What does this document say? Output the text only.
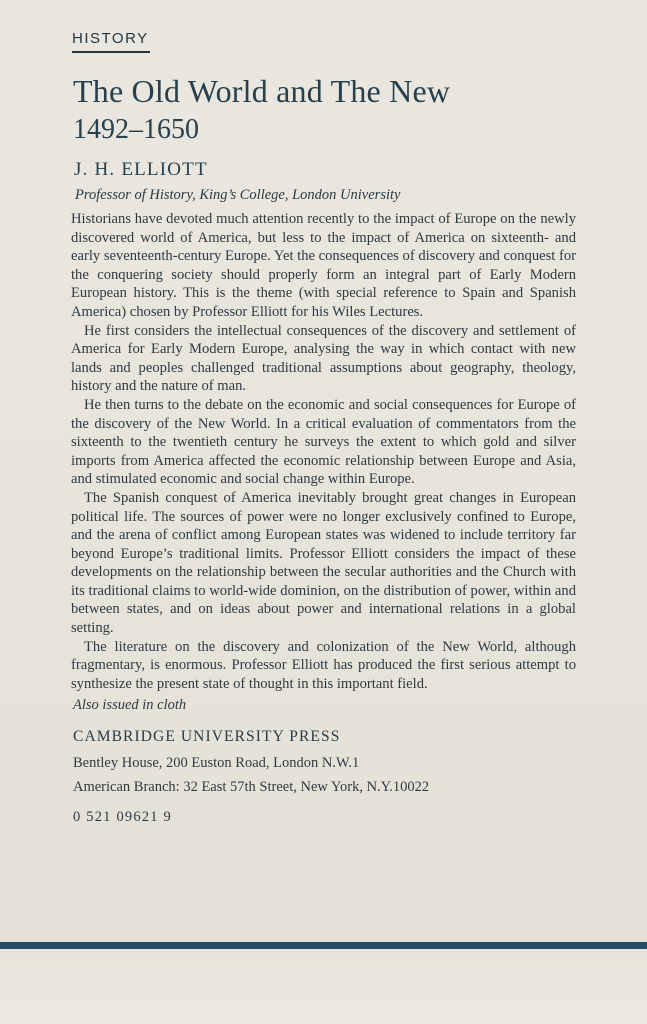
HISTORY
The Old World and The New
1492–1650
J. H. ELLIOTT
Professor of History, King’s College, London University

Historians have devoted much attention recently to the impact of Europe on the newly discovered world of America, but less to the impact of America on sixteenth- and early seventeenth-century Europe. Yet the consequences of discovery and conquest for the conquering society should properly form an integral part of Early Modern European history. This is the theme (with special reference to Spain and Spanish America) chosen by Professor Elliott for his Wiles Lectures.

He first considers the intellectual consequences of the discovery and settlement of America for Early Modern Europe, analysing the way in which contact with new lands and peoples challenged traditional assumptions about geography, theology, history and the nature of man.

He then turns to the debate on the economic and social consequences for Europe of the discovery of the New World. In a critical evaluation of commentators from the sixteenth to the twentieth century he surveys the extent to which gold and silver imports from America affected the economic relationship between Europe and Asia, and stimulated economic and social change within Europe.

The Spanish conquest of America inevitably brought great changes in European political life. The sources of power were no longer exclusively confined to Europe, and the arena of conflict among European states was widened to include territory far beyond Europe’s traditional limits. Professor Elliott considers the impact of these developments on the relationship between the secular authorities and the Church with its traditional claims to world-wide dominion, on the distribution of power, within and between states, and on ideas about power and international relations in a global setting.

The literature on the discovery and colonization of the New World, although fragmentary, is enormous. Professor Elliott has produced the first serious attempt to synthesize the present state of thought in this important field.

Also issued in cloth
CAMBRIDGE UNIVERSITY PRESS
Bentley House, 200 Euston Road, London N.W.1
American Branch: 32 East 57th Street, New York, N.Y.10022
0 521 09621 9
